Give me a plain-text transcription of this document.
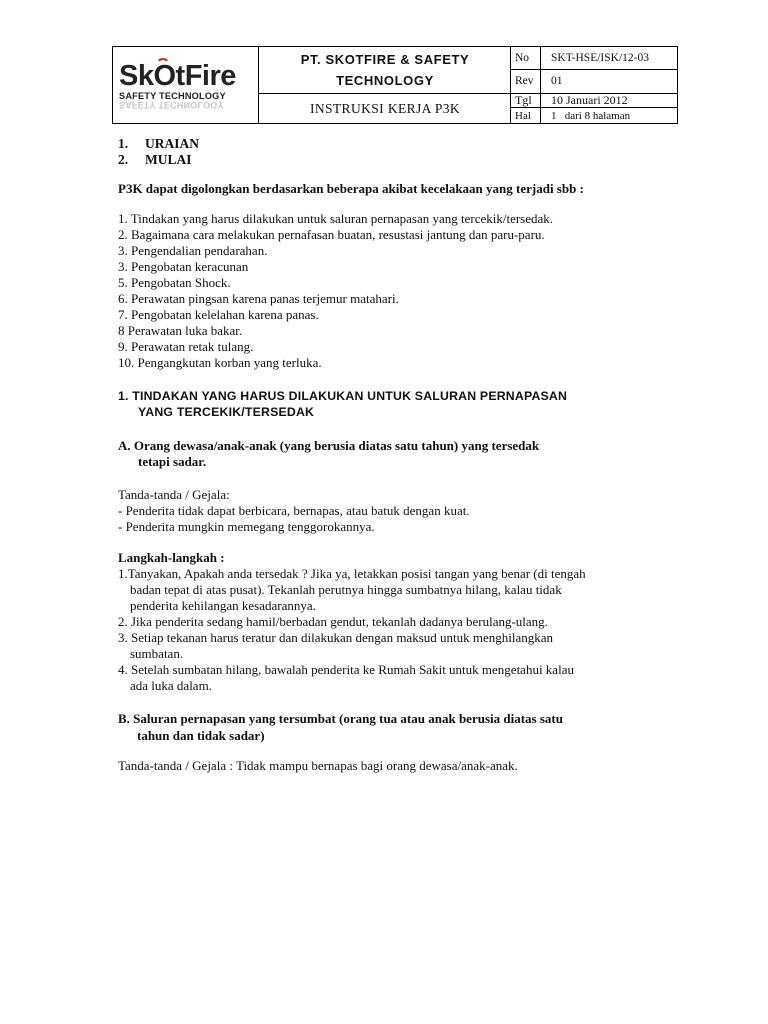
SkOtFire
SAFETY TECHNOLOGY
SAFETY TECHNOLOGY
PT. SKOTFIRE & SAFETY
TECHNOLOGY
INSTRUKSI KERJA P3K
No	SKT-HSE/ISK/12-03
Rev	01
Tgl	10 Januari 2012
Hal	1   dari 8 halaman
1.	URAIAN
2.	MULAI
P3K dapat digolongkan berdasarkan beberapa akibat kecelakaan yang terjadi sbb :
1. Tindakan yang harus dilakukan untuk saluran pernapasan yang tercekik/tersedak.
2. Bagaimana cara melakukan pernafasan buatan, resustasi jantung dan paru-paru.
3. Pengendalian pendarahan.
3. Pengobatan keracunan
5. Pengobatan Shock.
6. Perawatan pingsan karena panas terjemur matahari.
7. Pengobatan kelelahan karena panas.
8 Perawatan luka bakar.
9. Perawatan retak tulang.
10. Pengangkutan korban yang terluka.
1. TINDAKAN YANG HARUS DILAKUKAN UNTUK SALURAN PERNAPASAN
YANG TERCEKIK/TERSEDAK
A. Orang dewasa/anak-anak (yang berusia diatas satu tahun) yang tersedak
tetapi sadar.
Tanda-tanda / Gejala:
- Penderita tidak dapat berbicara, bernapas, atau batuk dengan kuat.
- Penderita mungkin memegang tenggorokannya.
Langkah-langkah :
1.Tanyakan, Apakah anda tersedak ? Jika ya, letakkan posisi tangan yang benar (di tengah
badan tepat di atas pusat). Tekanlah perutnya hingga sumbatnya hilang, kalau tidak
penderita kehilangan kesadarannya.
2. Jika penderita sedang hamil/berbadan gendut, tekanlah dadanya berulang-ulang.
3. Setiap tekanan harus teratur dan dilakukan dengan maksud untuk menghilangkan
sumbatan.
4. Setelah sumbatan hilang, bawalah penderita ke Rumah Sakit untuk mengetahui kalau
ada luka dalam.
B. Saluran pernapasan yang tersumbat (orang tua atau anak berusia diatas satu
tahun dan tidak sadar)
Tanda-tanda / Gejala : Tidak mampu bernapas bagi orang dewasa/anak-anak.
